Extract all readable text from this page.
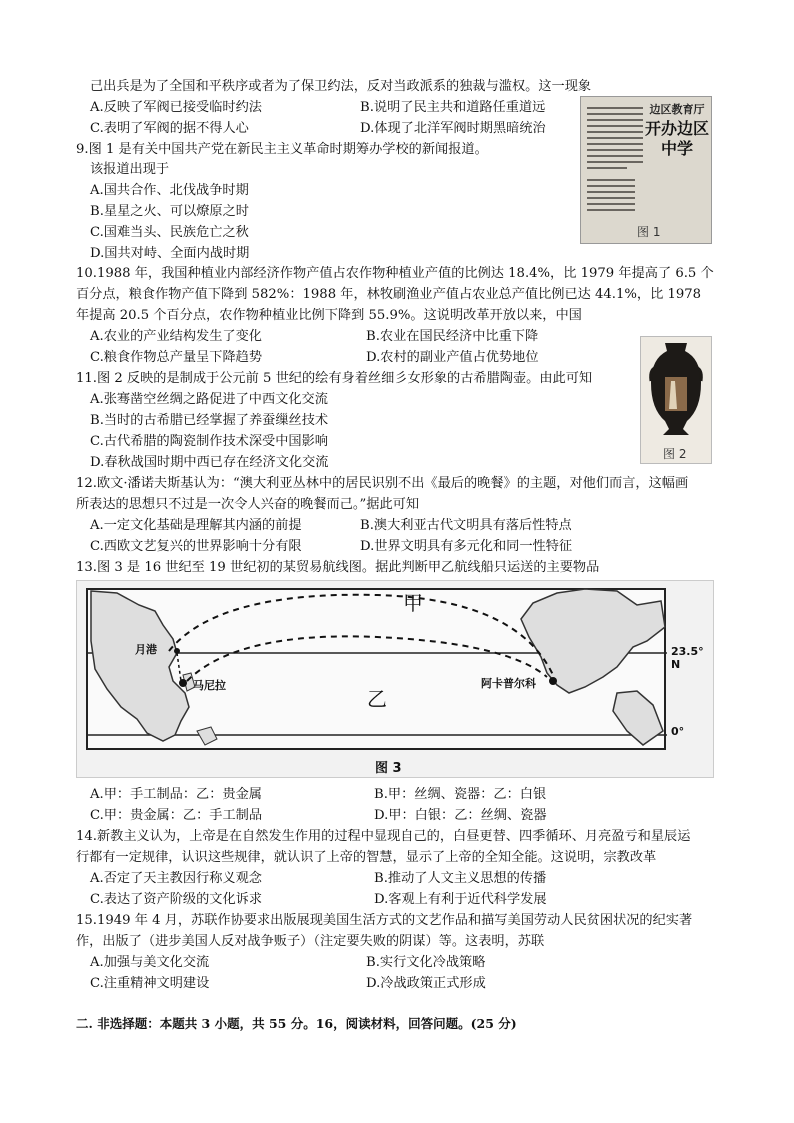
己出兵是为了全国和平秩序或者为了保卫约法，反对当政派系的独裁与滥权。这一现象
A.反映了军阀已接受临时约法	B.说明了民主共和道路任重道远
C.表明了军阀的据不得人心	D.体现了北洋军阀时期黑暗统治
9.图 1 是有关中国共产党在新民主主义革命时期筹办学校的新闻报道。
该报道出现于
A.国共合作、北伐战争时期
B.星星之火、可以燎原之时
C.国难当头、民族危亡之秋
D.国共对峙、全面内战时期
边区教育厅
开办边区中学
图 1
10.1988 年，我国种植业内部经济作物产值占农作物种植业产值的比例达 18.4%，比 1979 年提高了 6.5 个
百分点，粮食作物产值下降到 582%：1988 年，林牧刷渔业产值占农业总产值比例已达 44.1%，比 1978
年提高 20.5 个百分点，农作物种植业比例下降到 55.9%。这说明改革开放以来，中国
A.农业的产业结构发生了变化	B.农业在国民经济中比重下降
C.粮食作物总产量呈下降趋势	D.农村的副业产值占优势地位
图 2
11.图 2 反映的是制成于公元前 5 世纪的绘有身着丝细彡女形象的古希腊陶壶。由此可知
A.张骞凿空丝绸之路促进了中西文化交流
B.当时的古希腊已经掌握了养蚕缫丝技术
C.古代希腊的陶瓷制作技术深受中国影响
D.春秋战国时期中西已存在经济文化交流
12.欧文·潘诺夫斯基认为：“澳大利亚丛林中的居民识别不出《最后的晚餐》的主题，对他们而言，这幅画
所表达的思想只不过是一次令人兴奋的晚餐而己。”据此可知
A.一定文化基础是理解其内涵的前提	B.澳大利亚古代文明具有落后性特点
C.西欧文艺复兴的世界影响十分有限	D.世界文明具有多元化和同一性特征
13.图 3 是 16 世纪至 19 世纪初的某贸易航线图。据此判断甲乙航线船只运送的主要物品
甲
乙
月港
马尼拉	阿卡普尔科
23.5° N
0°
图 3
A.甲：手工制品：乙：贵金属	B.甲：丝绸、瓷器：乙：白银
C.甲：贵金属：乙：手工制品	D.甲：白银：乙：丝绸、瓷器
14.新教主义认为，上帝是在自然发生作用的过程中显现自己的，白昼更替、四季循环、月亮盈亏和星辰运
行都有一定规律，认识这些规律，就认识了上帝的智慧，显示了上帝的全知全能。这说明，宗教改革
A.否定了天主教因行称义观念	B.推动了人文主义思想的传播
C.表达了资产阶级的文化诉求	D.客观上有利于近代科学发展
15.1949 年 4 月，苏联作协要求出版展现美国生活方式的文艺作品和描写美国劳动人民贫困状况的纪实著
作，出版了（进步美国人反对战争贩子）（注定要失败的阴谋）等。这表明，苏联
A.加强与美文化交流	B.实行文化冷战策略
C.注重精神文明建设	D.冷战政策正式形成
二. 非选择题：本题共 3 小题，共 55 分。16，阅读材料，回答问题。(25 分)
